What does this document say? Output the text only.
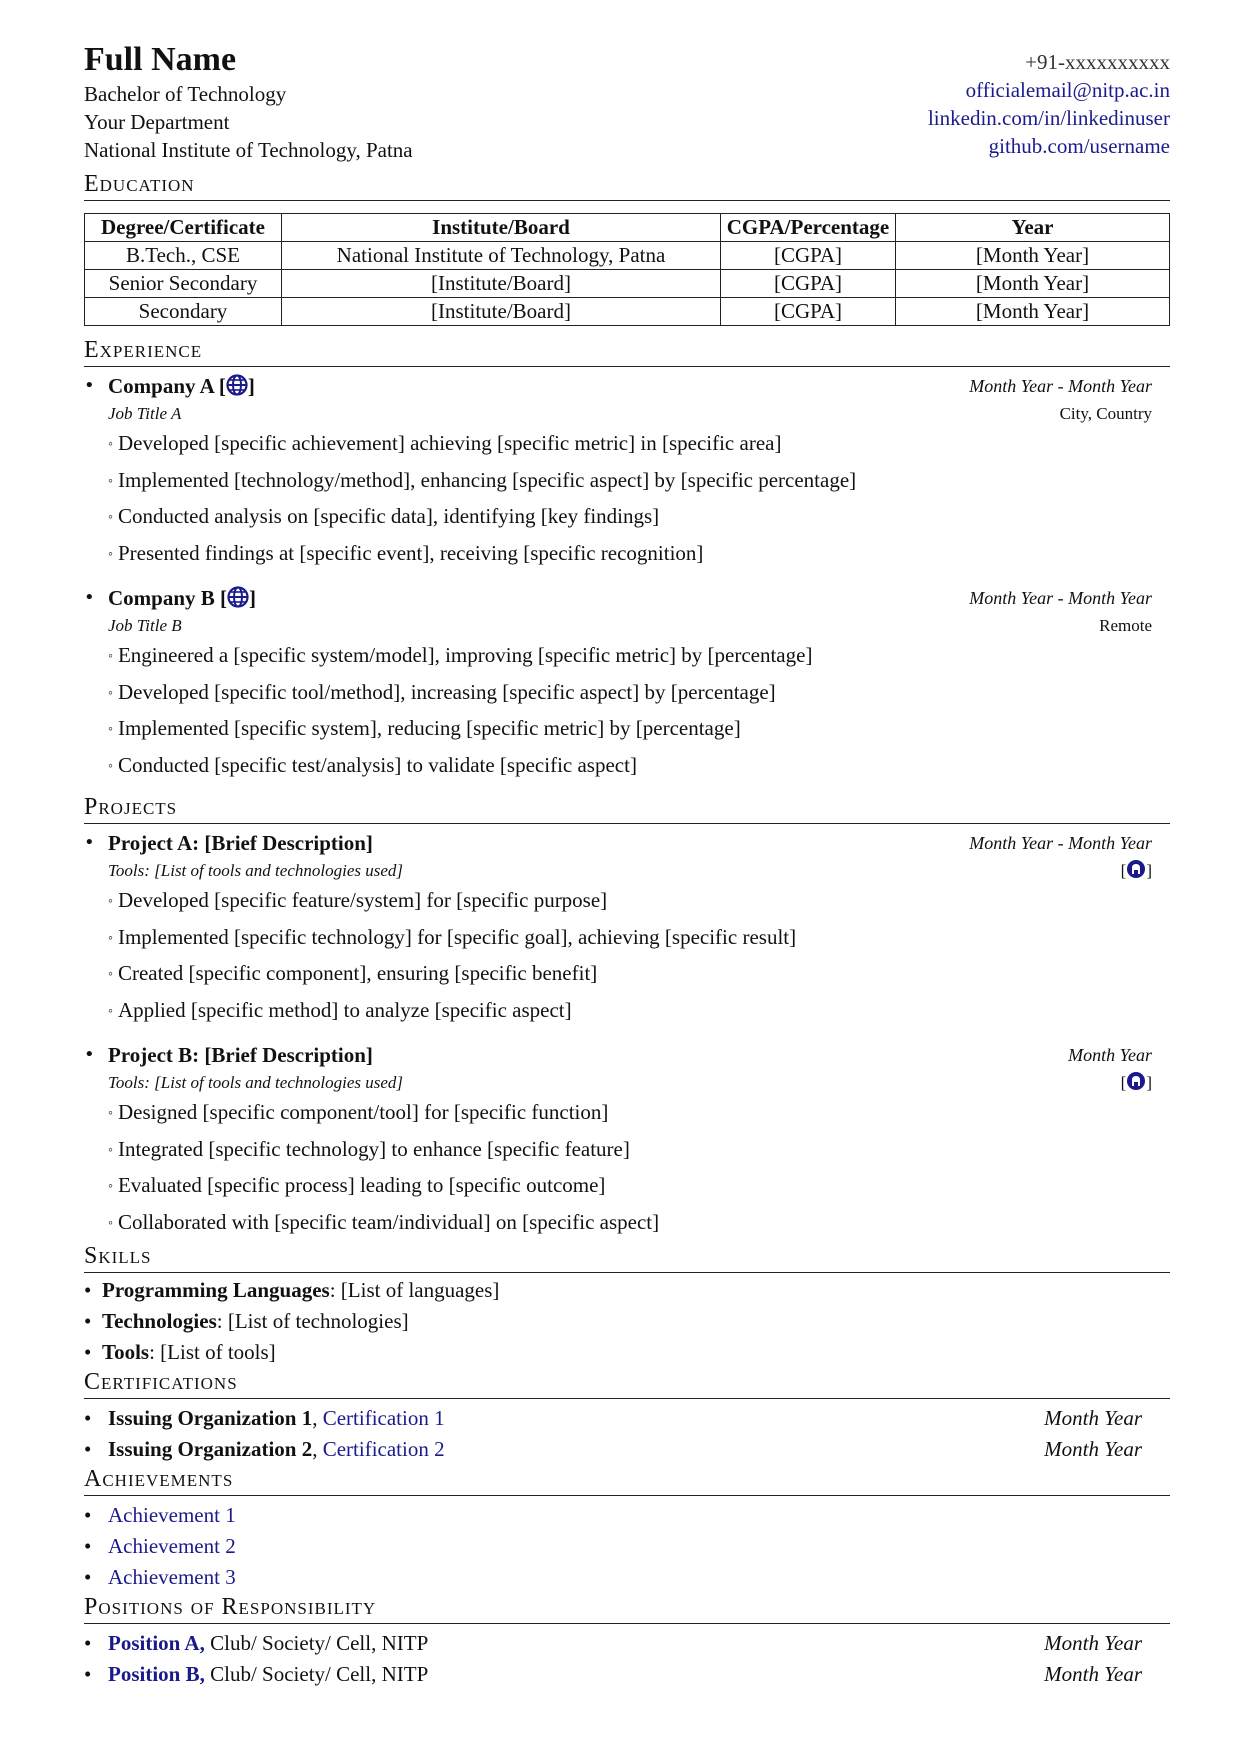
Full Name
Bachelor of Technology
Your Department
National Institute of Technology, Patna
+91-xxxxxxxxxx
officialemail@nitp.ac.in
linkedin.com/in/linkedinuser
github.com/username
Education
Degree/Certificate	Institute/Board	CGPA/Percentage	Year
B.Tech., CSE	National Institute of Technology, Patna	[CGPA]	[Month Year]
Senior Secondary	[Institute/Board]	[CGPA]	[Month Year]
Secondary	[Institute/Board]	[CGPA]	[Month Year]
Experience
• Company A [ ]	Month Year - Month Year
Job Title A	City, Country
◦ Developed [specific achievement] achieving [specific metric] in [specific area]
◦ Implemented [technology/method], enhancing [specific aspect] by [specific percentage]
◦ Conducted analysis on [specific data], identifying [key findings]
◦ Presented findings at [specific event], receiving [specific recognition]
• Company B [ ]	Month Year - Month Year
Job Title B	Remote
◦ Engineered a [specific system/model], improving [specific metric] by [percentage]
◦ Developed [specific tool/method], increasing [specific aspect] by [percentage]
◦ Implemented [specific system], reducing [specific metric] by [percentage]
◦ Conducted [specific test/analysis] to validate [specific aspect]
Projects
• Project A: [Brief Description]	Month Year - Month Year
Tools: [List of tools and technologies used]	[ ]
◦ Developed [specific feature/system] for [specific purpose]
◦ Implemented [specific technology] for [specific goal], achieving [specific result]
◦ Created [specific component], ensuring [specific benefit]
◦ Applied [specific method] to analyze [specific aspect]
• Project B: [Brief Description]	Month Year
Tools: [List of tools and technologies used]	[ ]
◦ Designed [specific component/tool] for [specific function]
◦ Integrated [specific technology] to enhance [specific feature]
◦ Evaluated [specific process] leading to [specific outcome]
◦ Collaborated with [specific team/individual] on [specific aspect]
Skills
• Programming Languages: [List of languages]
• Technologies: [List of technologies]
• Tools: [List of tools]
Certifications
• Issuing Organization 1, Certification 1	Month Year
• Issuing Organization 2, Certification 2	Month Year
Achievements
• Achievement 1
• Achievement 2
• Achievement 3
Positions of Responsibility
• Position A, Club/ Society/ Cell, NITP	Month Year
• Position B, Club/ Society/ Cell, NITP	Month Year
